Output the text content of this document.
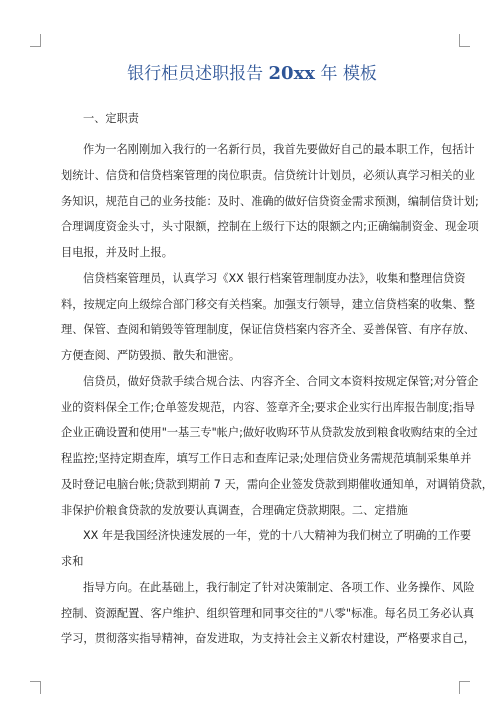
银行柜员述职报告 20xx 年 模板
一、定职责
作为一名刚刚加入我行的一名新行员，我首先要做好自己的最本职工作，包括计
划统计、信贷和信贷档案管理的岗位职责。信贷统计计划员，必须认真学习相关的业
务知识，规范自己的业务技能：及时、准确的做好信贷资金需求预测，编制信贷计划;
合理调度资金头寸，头寸限额，控制在上级行下达的限额之内;正确编制资金、现金项
目电报，并及时上报。
信贷档案管理员，认真学习《XX 银行档案管理制度办法》，收集和整理信贷资
料，按规定向上级综合部门移交有关档案。加强支行领导，建立信贷档案的收集、整
理、保管、查阅和销毁等管理制度，保证信贷档案内容齐全、妥善保管、有序存放、
方便查阅、严防毁损、散失和泄密。
信贷员，做好贷款手续合规合法、内容齐全、合同文本资料按规定保管;对分管企
业的资料保全工作;仓单签发规范，内容、签章齐全;要求企业实行出库报告制度;指导
企业正确设置和使用"一基三专"帐户;做好收购环节从贷款发放到粮食收购结束的全过
程监控;坚持定期查库，填写工作日志和查库记录;处理信贷业务需规范填制采集单并
及时登记电脑台帐;贷款到期前 7 天，需向企业签发贷款到期催收通知单，对调销贷款，
非保护价粮食贷款的发放要认真调查，合理确定贷款期限。二、定措施
XX 年是我国经济快速发展的一年，党的十八大精神为我们树立了明确的工作要
求和
指导方向。在此基础上，我行制定了针对决策制定、各项工作、业务操作、风险
控制、资源配置、客户维护、组织管理和同事交往的"八零"标准。每名员工务必认真
学习，贯彻落实指导精神，奋发进取，为支持社会主义新农村建设，严格要求自己，
